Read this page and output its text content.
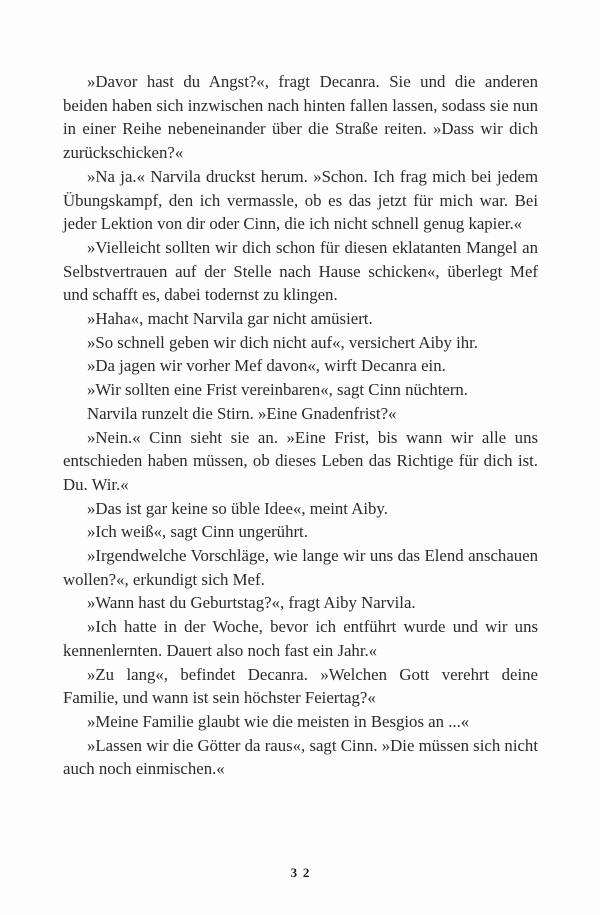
»Davor hast du Angst?«, fragt Decanra. Sie und die anderen beiden haben sich inzwischen nach hinten fallen lassen, sodass sie nun in einer Reihe nebeneinander über die Straße reiten. »Dass wir dich zurückschicken?«

»Na ja.« Narvila druckst herum. »Schon. Ich frag mich bei jedem Übungskampf, den ich vermassle, ob es das jetzt für mich war. Bei jeder Lektion von dir oder Cinn, die ich nicht schnell genug kapier.«

»Vielleicht sollten wir dich schon für diesen eklatanten Mangel an Selbstvertrauen auf der Stelle nach Hause schicken«, überlegt Mef und schafft es, dabei todernst zu klingen.

»Haha«, macht Narvila gar nicht amüsiert.

»So schnell geben wir dich nicht auf«, versichert Aiby ihr.

»Da jagen wir vorher Mef davon«, wirft Decanra ein.

»Wir sollten eine Frist vereinbaren«, sagt Cinn nüchtern.

Narvila runzelt die Stirn. »Eine Gnadenfrist?«

»Nein.« Cinn sieht sie an. »Eine Frist, bis wann wir alle uns entschieden haben müssen, ob dieses Leben das Richtige für dich ist. Du. Wir.«

»Das ist gar keine so üble Idee«, meint Aiby.

»Ich weiß«, sagt Cinn ungerührt.

»Irgendwelche Vorschläge, wie lange wir uns das Elend anschauen wollen?«, erkundigt sich Mef.

»Wann hast du Geburtstag?«, fragt Aiby Narvila.

»Ich hatte in der Woche, bevor ich entführt wurde und wir uns kennenlernten. Dauert also noch fast ein Jahr.«

»Zu lang«, befindet Decanra. »Welchen Gott verehrt deine Familie, und wann ist sein höchster Feiertag?«

»Meine Familie glaubt wie die meisten in Besgios an ...«

»Lassen wir die Götter da raus«, sagt Cinn. »Die müssen sich nicht auch noch einmischen.«

32
